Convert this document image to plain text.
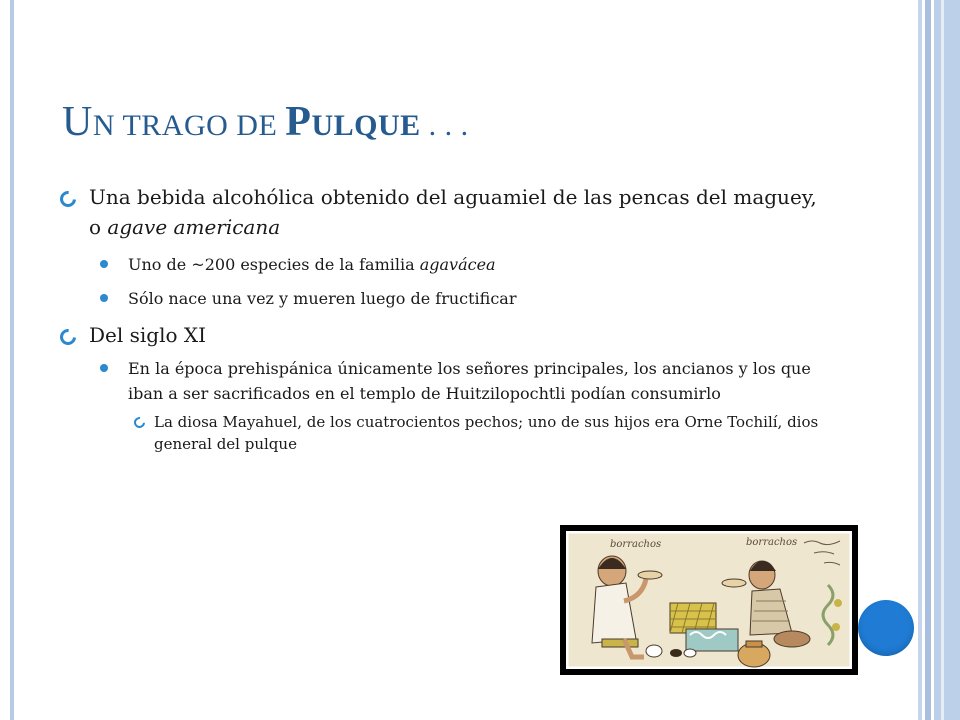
UN TRAGO DE PULQUE . . .
Una bebida alcohólica obtenido del aguamiel de las pencas del maguey, o agave americana
Uno de ~200 especies de la familia agavácea
Sólo nace una vez y mueren luego de fructificar
Del siglo XI
En la época prehispánica únicamente los señores principales, los ancianos y los que iban a ser sacrificados en el templo de Huitzilopochtli podían consumirlo
La diosa Mayahuel, de los cuatrocientos pechos; uno de sus hijos era Orne Tochilí, dios general del pulque
borrachos	borrachos
